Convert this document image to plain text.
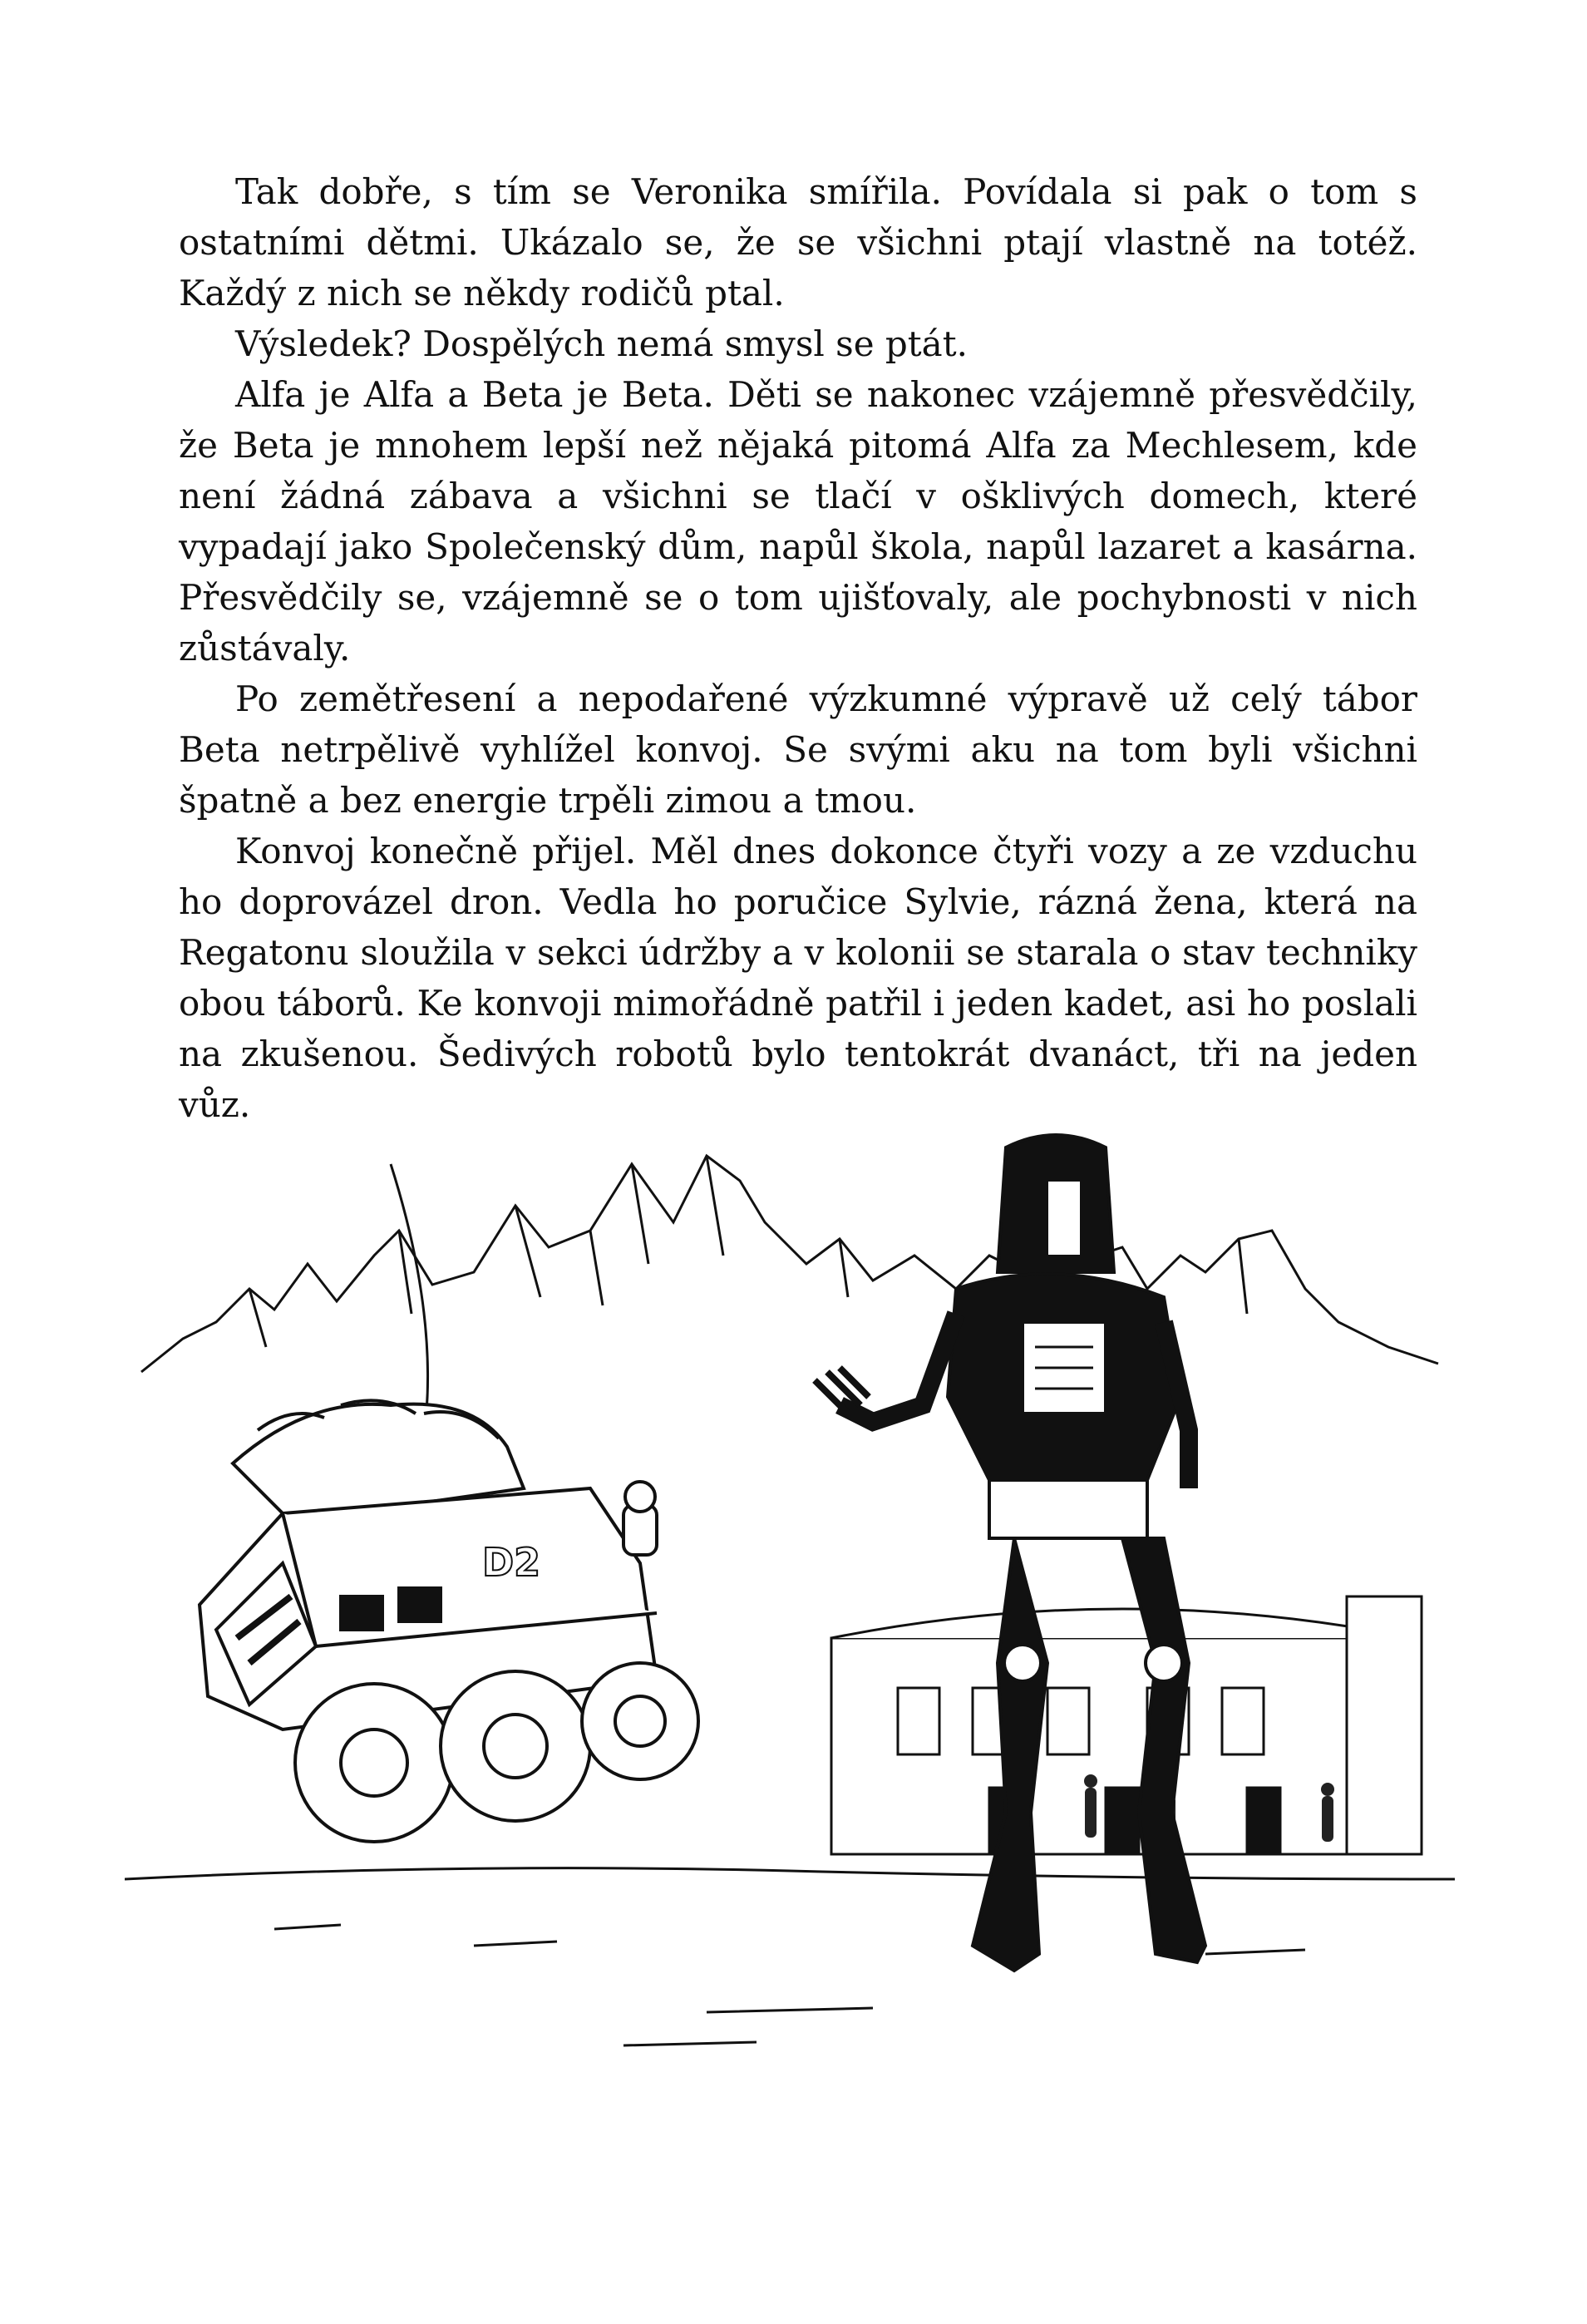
Tak dobře, s tím se Veronika smířila. Povídala si pak o tom s ostatními dětmi. Ukázalo se, že se všichni ptají vlastně na totéž. Každý z nich se někdy rodičů ptal.

Výsledek? Dospělých nemá smysl se ptát.

Alfa je Alfa a Beta je Beta. Děti se nakonec vzájemně přesvědčily, že Beta je mnohem lepší než nějaká pitomá Alfa za Mechlesem, kde není žádná zábava a všichni se tlačí v ošklivých domech, které vypadají jako Společenský dům, napůl škola, napůl lazaret a kasárna. Přesvědčily se, vzájemně se o tom ujišťovaly, ale pochybnosti v nich zůstávaly.

Po zemětřesení a nepodařené výzkumné výpravě už celý tábor Beta netrpělivě vyhlížel konvoj. Se svými aku na tom byli všichni špatně a bez energie trpěli zimou a tmou.

Konvoj konečně přijel. Měl dnes dokonce čtyři vozy a ze vzduchu ho doprovázel dron. Vedla ho poručice Sylvie, rázná žena, která na Regatonu sloužila v sekci údržby a v kolonii se starala o stav techniky obou táborů. Ke konvoji mimořádně patřil i jeden kadet, asi ho poslali na zkušenou. Šedivých robotů bylo tentokrát dvanáct, tři na jeden vůz.

D2
